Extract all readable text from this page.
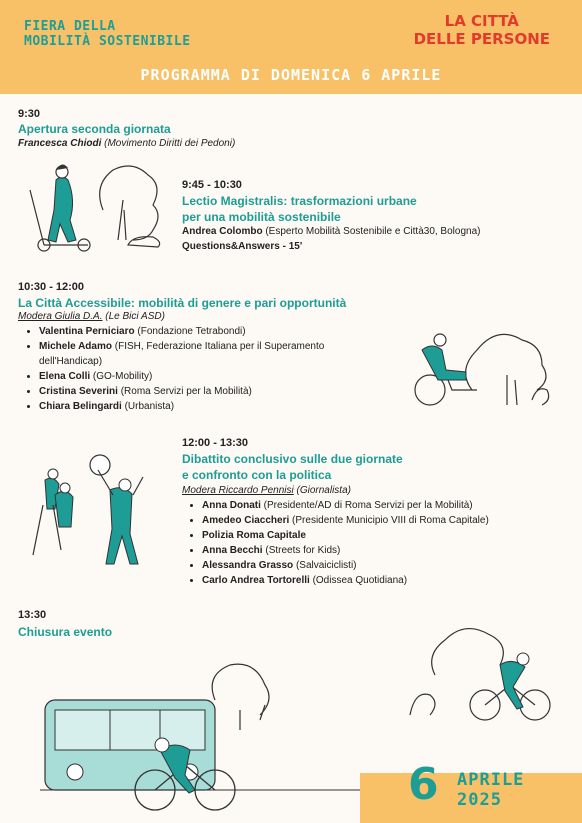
FIERA DELLA
MOBILITÀ SOSTENIBILE
LA CITTÀ
DELLE PERSONE
PROGRAMMA DI DOMENICA 6 APRILE
9:30
Apertura seconda giornata
Francesca Chiodi (Movimento Diritti dei Pedoni)
9:45 - 10:30
Lectio Magistralis: trasformazioni urbane
per una mobilità sostenibile
Andrea Colombo (Esperto Mobilità Sostenibile e Città30, Bologna)
Questions&Answers - 15'
10:30 - 12:00
La Città Accessibile: mobilità di genere e pari opportunità
Modera Giulia D.A. (Le Bici ASD)
• Valentina Perniciaro (Fondazione Tetrabondi)
• Michele Adamo (FISH, Federazione Italiana per il Superamento
dell'Handicap)
• Elena Colli (GO-Mobility)
• Cristina Severini (Roma Servizi per la Mobilità)
• Chiara Belingardi (Urbanista)
12:00 - 13:30
Dibattito conclusivo sulle due giornate
e confronto con la politica
Modera Riccardo Pennisi (Giornalista)
• Anna Donati (Presidente/AD di Roma Servizi per la Mobilità)
• Amedeo Ciaccheri (Presidente Municipio VIII di Roma Capitale)
• Polizia Roma Capitale
• Anna Becchi (Streets for Kids)
• Alessandra Grasso (Salvaiciclisti)
• Carlo Andrea Tortorelli (Odissea Quotidiana)
13:30
Chiusura evento
6 APRILE
2025
